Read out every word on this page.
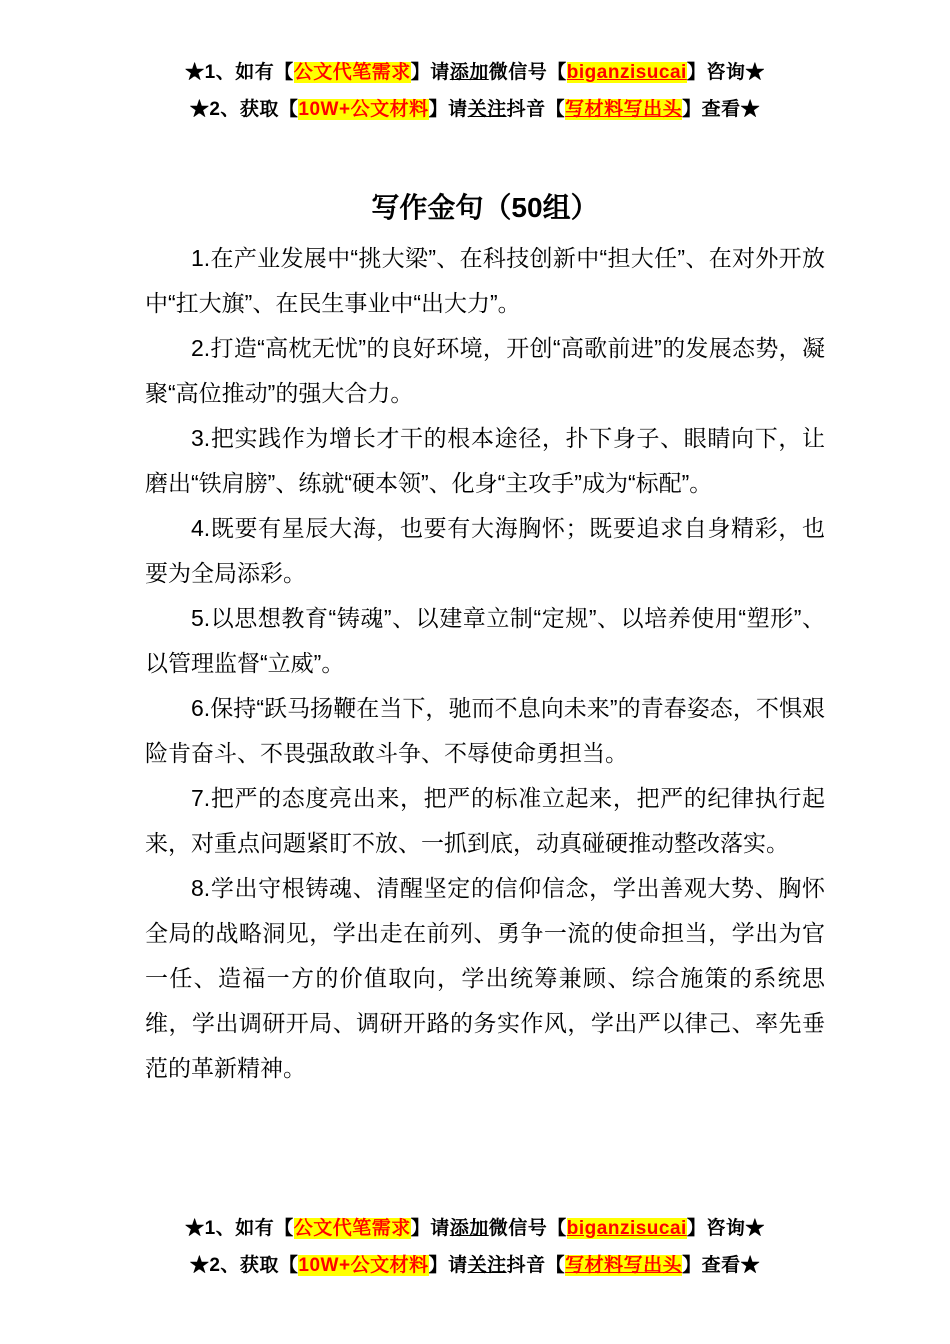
★1、如有【公文代笔需求】请添加微信号【biganzisucai】咨询★
★2、获取【10W+公文材料】请关注抖音【写材料写出头】查看★
写作金句（50组）

1.在产业发展中“挑大梁”、在科技创新中“担大任”、在对外开放中“扛大旗”、在民生事业中“出大力”。

2.打造“高枕无忧”的良好环境，开创“高歌前进”的发展态势，凝聚“高位推动”的强大合力。

3.把实践作为增长才干的根本途径，扑下身子、眼睛向下，让磨出“铁肩膀”、练就“硬本领”、化身“主攻手”成为“标配”。

4.既要有星辰大海，也要有大海胸怀；既要追求自身精彩，也要为全局添彩。

5.以思想教育“铸魂”、以建章立制“定规”、以培养使用“塑形”、以管理监督“立威”。

6.保持“跃马扬鞭在当下，驰而不息向未来”的青春姿态，不惧艰险肯奋斗、不畏强敌敢斗争、不辱使命勇担当。

7.把严的态度亮出来，把严的标准立起来，把严的纪律执行起来，对重点问题紧盯不放、一抓到底，动真碰硬推动整改落实。

8.学出守根铸魂、清醒坚定的信仰信念，学出善观大势、胸怀全局的战略洞见，学出走在前列、勇争一流的使命担当，学出为官一任、造福一方的价值取向，学出统筹兼顾、综合施策的系统思维，学出调研开局、调研开路的务实作风，学出严以律己、率先垂范的革新精神。

★1、如有【公文代笔需求】请添加微信号【biganzisucai】咨询★
★2、获取【10W+公文材料】请关注抖音【写材料写出头】查看★
